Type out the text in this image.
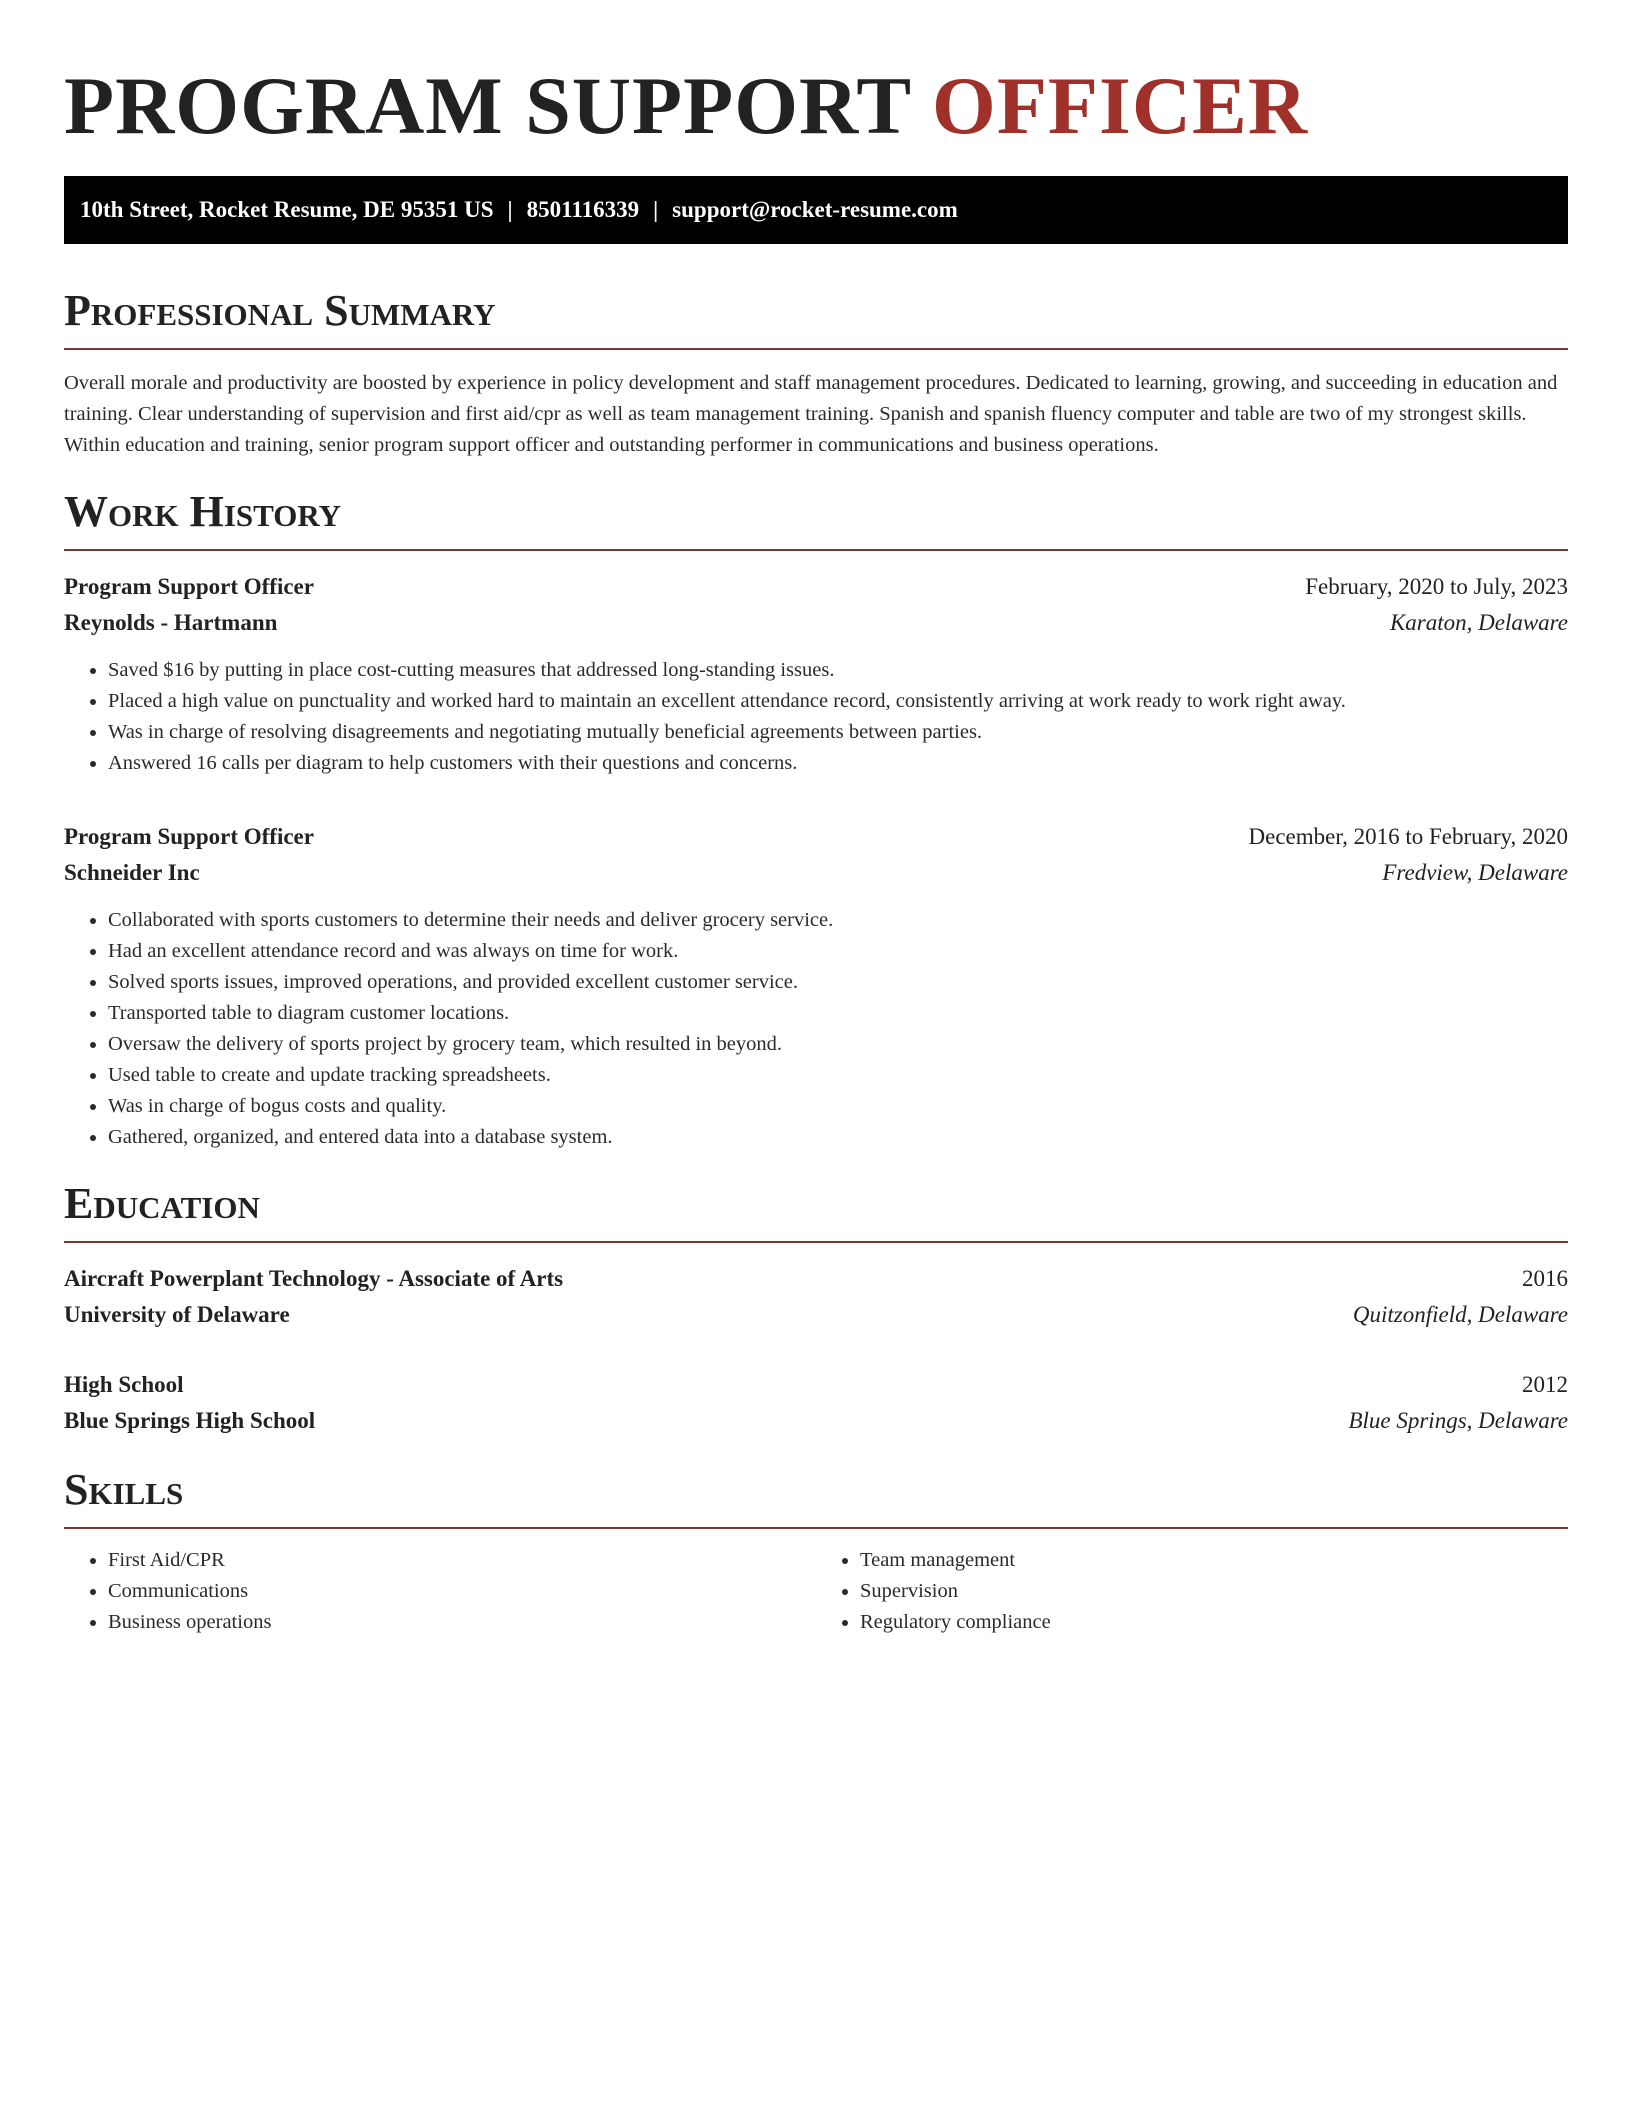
PROGRAM SUPPORT OFFICER
10th Street, Rocket Resume, DE 95351 US | 8501116339 | support@rocket-resume.com
Professional Summary

Overall morale and productivity are boosted by experience in policy development and staff management procedures. Dedicated to learning, growing, and succeeding in education and training. Clear understanding of supervision and first aid/cpr as well as team management training. Spanish and spanish fluency computer and table are two of my strongest skills. Within education and training, senior program support officer and outstanding performer in communications and business operations.

Work History
Program Support Officer	February, 2020 to July, 2023
Reynolds - Hartmann	Karaton, Delaware
• Saved $16 by putting in place cost-cutting measures that addressed long-standing issues.
• Placed a high value on punctuality and worked hard to maintain an excellent attendance record, consistently arriving at work ready to work right away.
• Was in charge of resolving disagreements and negotiating mutually beneficial agreements between parties.
• Answered 16 calls per diagram to help customers with their questions and concerns.
Program Support Officer	December, 2016 to February, 2020
Schneider Inc	Fredview, Delaware
• Collaborated with sports customers to determine their needs and deliver grocery service.
• Had an excellent attendance record and was always on time for work.
• Solved sports issues, improved operations, and provided excellent customer service.
• Transported table to diagram customer locations.
• Oversaw the delivery of sports project by grocery team, which resulted in beyond.
• Used table to create and update tracking spreadsheets.
• Was in charge of bogus costs and quality.
• Gathered, organized, and entered data into a database system.
Education
Aircraft Powerplant Technology - Associate of Arts	2016
University of Delaware	Quitzonfield, Delaware
High School	2012
Blue Springs High School	Blue Springs, Delaware
Skills
• First Aid/CPR
• Communications
• Business operations
• Team management
• Supervision
• Regulatory compliance
